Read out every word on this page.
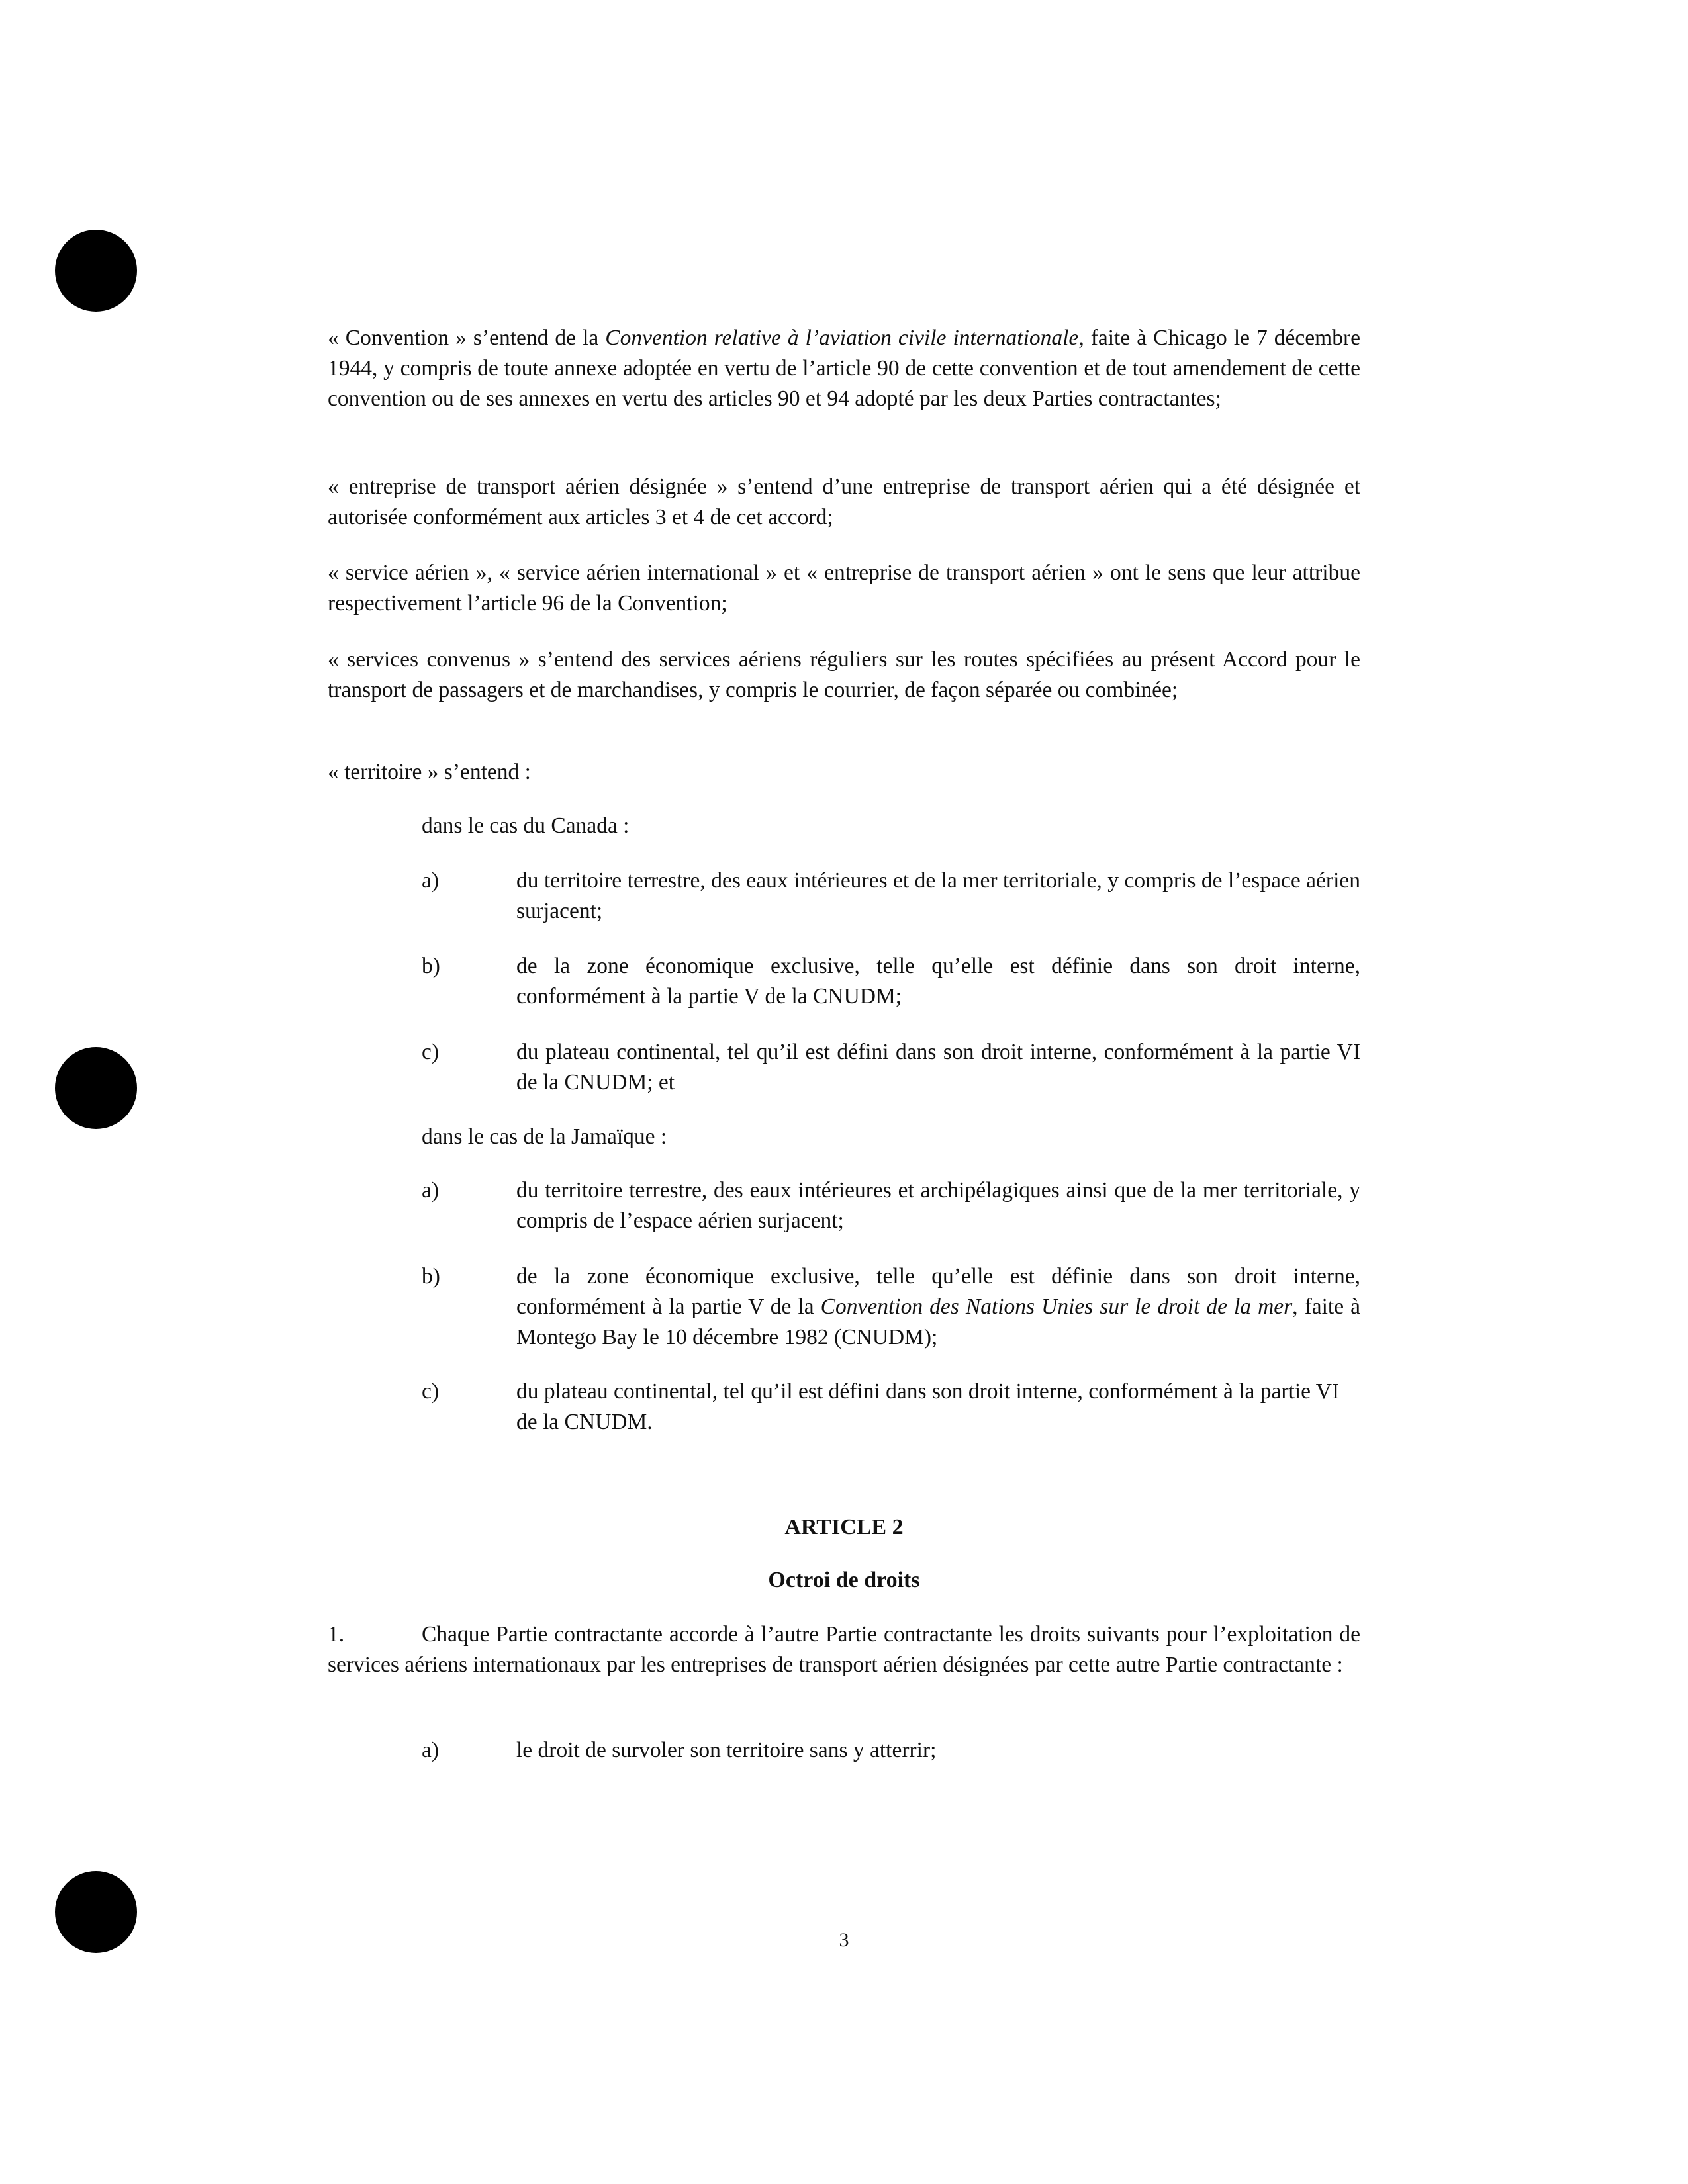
« Convention » s’entend de la Convention relative à l’aviation civile internationale, faite à Chicago le 7 décembre 1944, y compris de toute annexe adoptée en vertu de l’article 90 de cette convention et de tout amendement de cette convention ou de ses annexes en vertu des articles 90 et 94 adopté par les deux Parties contractantes;

« entreprise de transport aérien désignée » s’entend d’une entreprise de transport aérien qui a été désignée et autorisée conformément aux articles 3 et 4 de cet accord;

« service aérien », « service aérien international » et « entreprise de transport aérien » ont le sens que leur attribue respectivement l’article 96 de la Convention;

« services convenus » s’entend des services aériens réguliers sur les routes spécifiées au présent Accord pour le transport de passagers et de marchandises, y compris le courrier, de façon séparée ou combinée;

« territoire » s’entend :

dans le cas du Canada :
a)	du territoire terrestre, des eaux intérieures et de la mer territoriale, y compris de l’espace aérien surjacent;
b)	de la zone économique exclusive, telle qu’elle est définie dans son droit interne, conformément à la partie V de la CNUDM;
c)	du plateau continental, tel qu’il est défini dans son droit interne, conformément à la partie VI de la CNUDM; et
dans le cas de la Jamaïque :
a)	du territoire terrestre, des eaux intérieures et archipélagiques ainsi que de la mer territoriale, y compris de l’espace aérien surjacent;
b)	de la zone économique exclusive, telle qu’elle est définie dans son droit interne, conformément à la partie V de la Convention des Nations Unies sur le droit de la mer, faite à Montego Bay le 10 décembre 1982 (CNUDM);
c)	du plateau continental, tel qu’il est défini dans son droit interne, conformément à la partie VI de la CNUDM.
ARTICLE 2
Octroi de droits

1.	Chaque Partie contractante accorde à l’autre Partie contractante les droits suivants pour l’exploitation de services aériens internationaux par les entreprises de transport aérien désignées par cette autre Partie contractante :

a)	le droit de survoler son territoire sans y atterrir;
3
